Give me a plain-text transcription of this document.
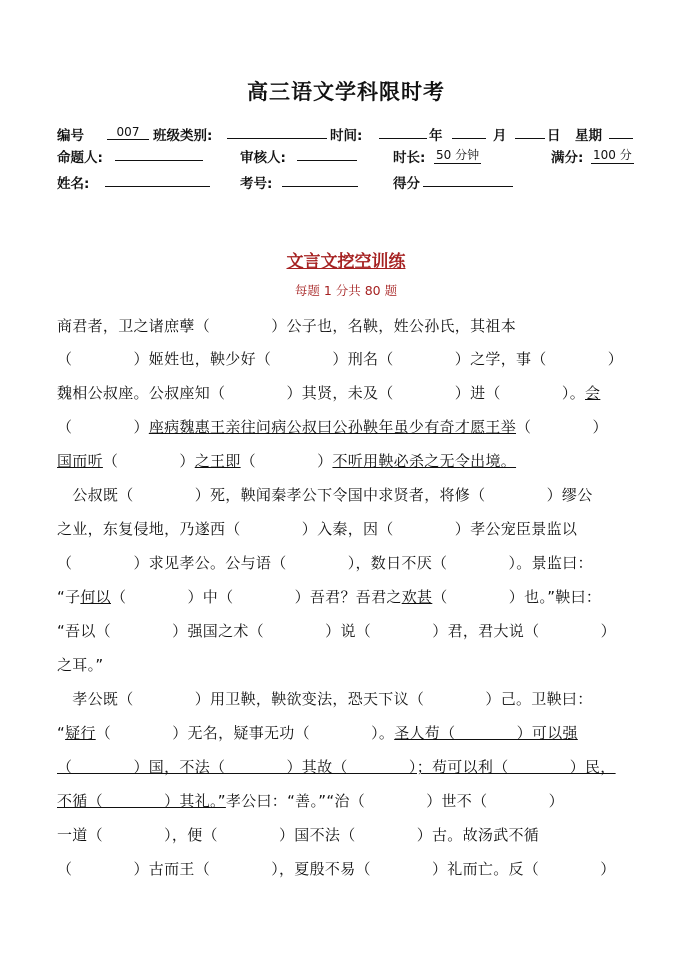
高三语文学科限时考
编号	007	班级类别:	时间:	年	月	日 星期
命题人:	审核人:	时长: 50 分钟	满分: 100 分
姓名:	考号:	得分
文言文挖空训练
每题 1 分共 80 题
商君者，卫之诸庶孽（　　　　）公子也，名鞅，姓公孙氏，其祖本
（　　　　）姬姓也，鞅少好（　　　　）刑名（　　　　）之学，事（　　　　）
魏相公叔座。公叔座知（　　　　）其贤，未及（　　　　）进（　　　　）。会
（　　　　）座病魏惠王亲往问病公叔曰公孙鞅年虽少有奇才愿王举（　　　　）
国而听（　　　　）之王即（　　　　）不听用鞅必杀之无令出境。
　公叔既（　　　　）死，鞅闻秦孝公下令国中求贤者，将修（　　　　）缪公
之业，东复侵地，乃遂西（　　　　）入秦，因（　　　　）孝公宠臣景监以
（　　　　）求见孝公。公与语（　　　　），数日不厌（　　　　）。景监曰：
“子何以（　　　　）中（　　　　）吾君？吾君之欢甚（　　　　）也。”鞅曰：
“吾以（　　　　）强国之术（　　　　）说（　　　　）君，君大说（　　　　）
之耳。”
　孝公既（　　　　）用卫鞅，鞅欲变法，恐天下议（　　　　）己。卫鞅曰：
“疑行（　　　　）无名，疑事无功（　　　　）。圣人苟（　　　　）可以强
（　　　　）国，不法（　　　　）其故（　　　　）；苟可以利（　　　　）民，
不循（　　　　）其礼。”孝公曰：“善。”“治（　　　　）世不（　　　　）
一道（　　　　），便（　　　　）国不法（　　　　）古。故汤武不循
（　　　　）古而王（　　　　），夏殷不易（　　　　）礼而亡。反（　　　　）
